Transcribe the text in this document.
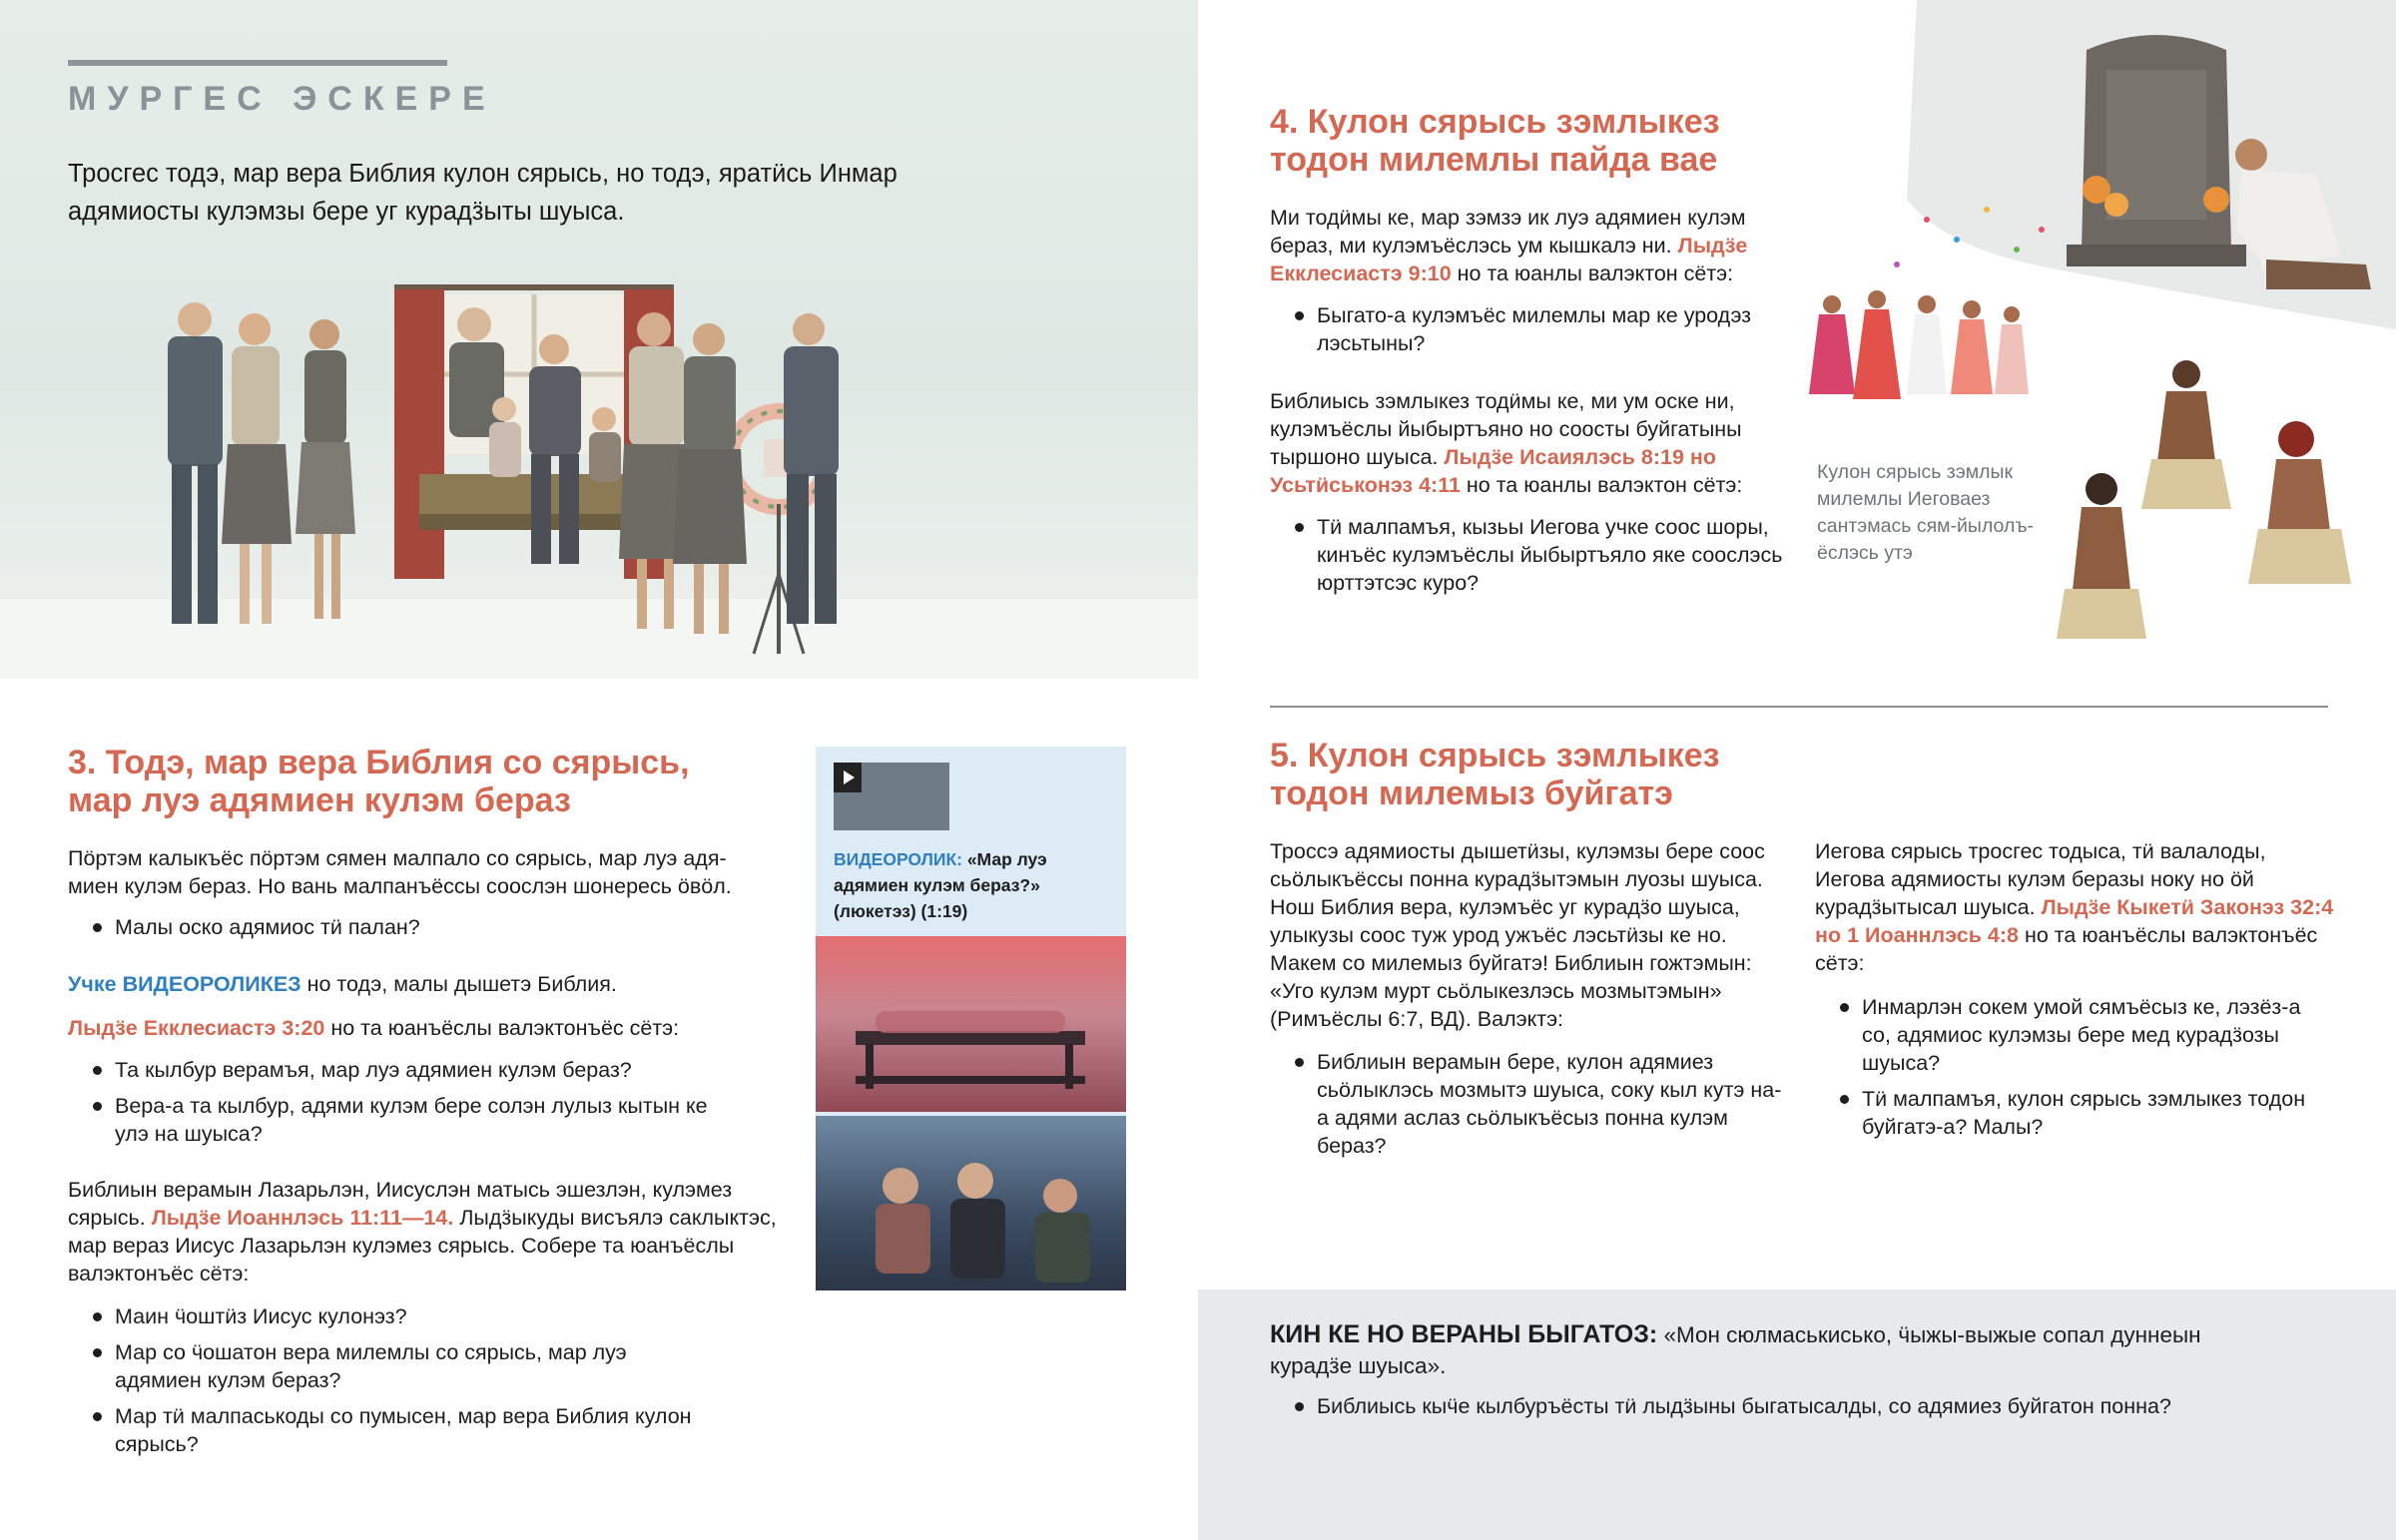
МУРГЕС ЭСКЕРЕ
Тросгес тодэ, мар вера Библия кулон сярысь, но тодэ, яратӥсь Инмар адямиосты кулэмзы бере уг курадӟыты шуыса.
3. Тодэ, мар вера Библия со сярысь,
мар луэ адямиен кулэм бераз

Пӧртэм калыкъёс пӧртэм сямен малпало со сярысь, мар луэ адямиен кулэм бераз. Но вань малпанъёссы соослэн шонересь ӧвӧл.

Малы оско адямиос тӥ палан?

Учке ВИДЕОРОЛИКЕЗ но тодэ, малы дышетэ Библия.

Лыдӟе Екклесиастэ 3:20 но та юанъёслы валэктонъёс сётэ:

Та кылбур верамъя, мар луэ адямиен кулэм бераз?
Вера-а та кылбур, адями кулэм бере солэн лулыз кытын ке улэ на шуыса?

Библиын верамын Лазарьлэн, Иисуслэн матысь эшезлэн, кулэмез сярысь. Лыдӟе Иоаннлэсь 11:11—14. Лыдӟыкуды висъялэ саклыктэс, мар вераз Иисус Лазарьлэн кулэмез сярысь. Собере та юанъёслы валэктонъёс сётэ:

Маин ӵоштӥз Иисус кулонэз?
Мар со ӵошатон вера милемлы со сярысь, мар луэ адямиен кулэм бераз?
Мар тӥ малпаськоды со пумысен, мар вера Библия кулон сярысь?
ВИДЕОРОЛИК: «Мар луэ адямиен кулэм бераз?» (люкетэз) (1:19)
4. Кулон сярысь зэмлыкез
тодон милемлы пайда вае

Ми тодӥмы ке, мар зэмзэ ик луэ адямиен кулэм бераз, ми кулэмъёслэсь ум кышкалэ ни. Лыдӟе Екклесиастэ 9:10 но та юанлы валэктон сётэ:

Быгато-а кулэмъёс милемлы мар ке уродэз лэсьтыны?

Библиысь зэмлыкез тодӥмы ке, ми ум оске ни, кулэмъёслы йыбыртъяно но соосты буйгатыны тыршоно шуыса. Лыдӟе Исаиялэсь 8:19 но Усьтӥськонэз 4:11 но та юанлы валэктон сётэ:

Тӥ малпамъя, кызьы Иегова учке соос шоры, кинъёс кулэмъёслы йыбыртъяло яке соослэсь юрттэтсэс куро?
Кулон сярысь зэмлык милемлы Иеговаез сантэмась сям-йылолъёслэсь утэ
5. Кулон сярысь зэмлыкез
тодон милемыз буйгатэ

Троссэ адямиосты дышетӥзы, кулэмзы бере соос сьӧлыкъёссы понна курадӟытэмын луозы шуыса. Нош Библия вера, кулэмъёс уг курадӟо шуыса, улыкузы соос туж урод ужъёс лэсьтӥзы ке но. Макем со милемыз буйгатэ! Библиын гожтэмын: «Уго кулэм мурт сьӧлыкезлэсь мозмытэмын» (Римъёслы 6:7, ВД). Валэктэ:

Библиын верамын бере, кулон адямиез сьӧлыклэсь мозмытэ шуыса, соку кыл кутэ на-а адями аслаз сьӧлыкъёсыз понна кулэм бераз?

Иегова сярысь тросгес тодыса, тӥ валалоды, Иегова адямиосты кулэм беразы ноку но ӧй курадӟытысал шуыса. Лыдӟе Кыкетӥ Законэз 32:4 но 1 Иоаннлэсь 4:8 но та юанъёслы валэктонъёс сётэ:

Инмарлэн сокем умой сямъёсыз ке, лэзёз-а со, адямиос кулэмзы бере мед курадӟозы шуыса?
Тӥ малпамъя, кулон сярысь зэмлыкез тодон буйгатэ-а? Малы?

КИН КЕ НО ВЕРАНЫ БЫГАТОЗ: «Мон сюлмаськисько, ӵыжы-выжые сопал дуннеын курадӟе шуыса».

Библиысь кыӵе кылбуръёсты тӥ лыдӟыны быгатысалды, со адямиез буйгатон понна?
